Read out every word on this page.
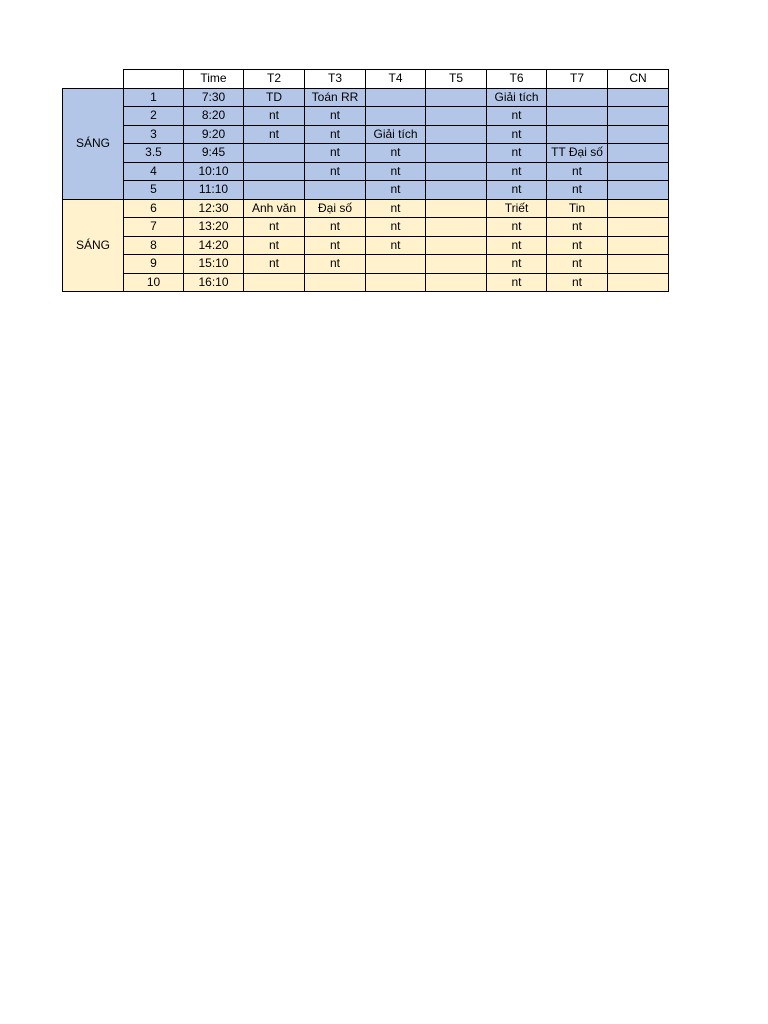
		Time	T2	T3	T4	T5	T6	T7	CN
SÁNG	1	7:30	TD	Toán RR			Giải tích		
	2	8:20	nt	nt			nt		
	3	9:20	nt	nt	Giải tích		nt		
	3.5	9:45		nt	nt		nt	TT Đại số	
	4	10:10		nt	nt		nt	nt	
	5	11:10			nt		nt	nt	
SÁNG	6	12:30	Anh văn	Đại số	nt		Triết	Tin	
	7	13:20	nt	nt	nt		nt	nt	
	8	14:20	nt	nt	nt		nt	nt	
	9	15:10	nt	nt			nt	nt	
	10	16:10					nt	nt	
